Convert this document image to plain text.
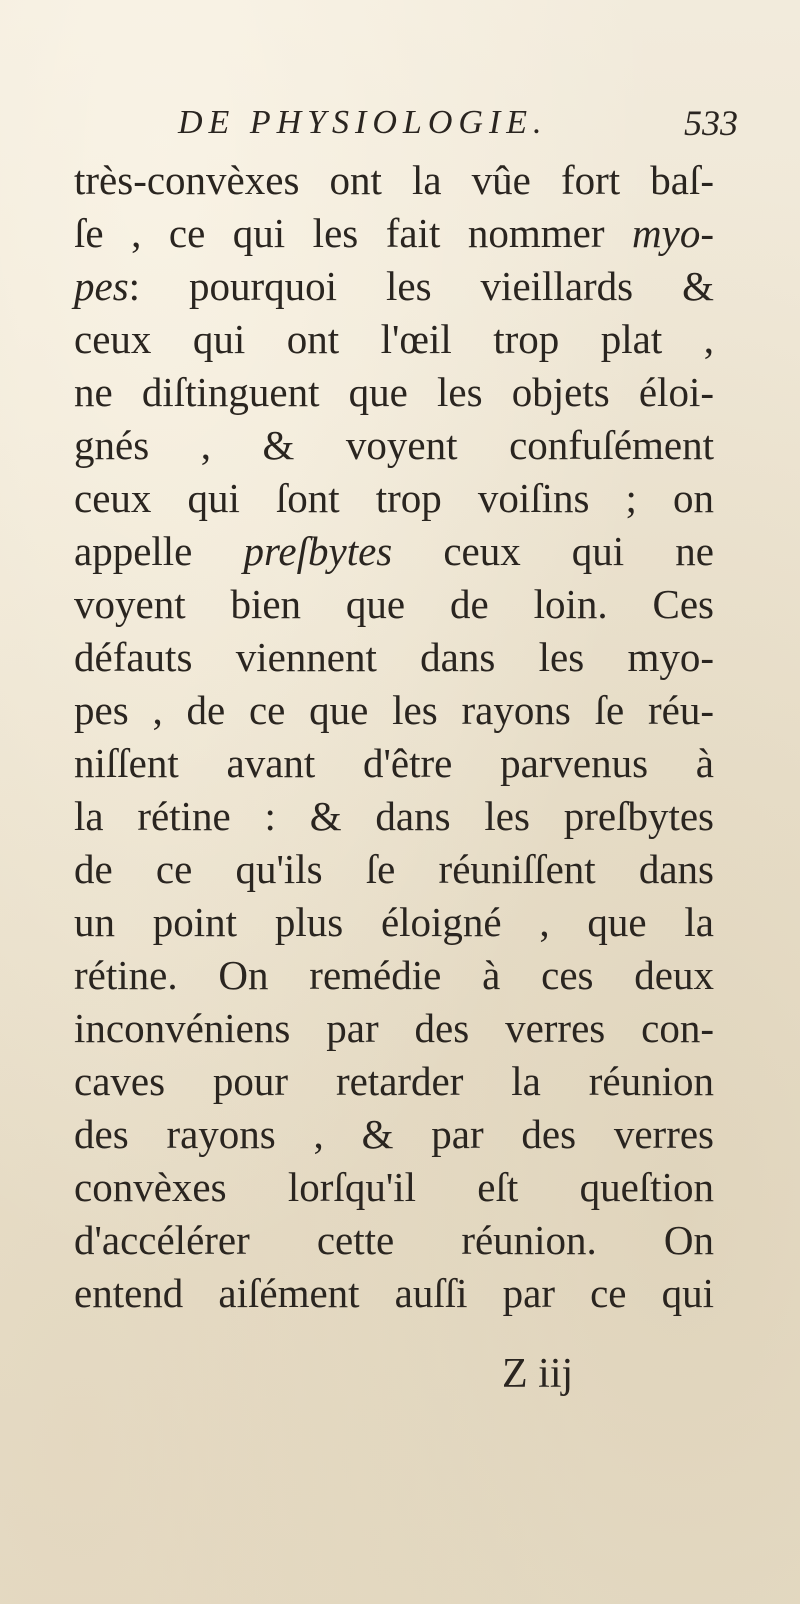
DE PHYSIOLOGIE.	533
très-convèxes ont la vûe fort baſ-
ſe , ce qui les fait nommer myo-
pes: pourquoi les vieillards &
ceux qui ont l'œil trop plat ,
ne diſtinguent que les objets éloi-
gnés , & voyent confuſément
ceux qui ſont trop voiſins ; on
appelle preſbytes ceux qui ne
voyent bien que de loin. Ces
défauts viennent dans les myo-
pes , de ce que les rayons ſe réu-
niſſent avant d'être parvenus à
la rétine : & dans les preſbytes
de ce qu'ils ſe réuniſſent dans
un point plus éloigné , que la
rétine. On remédie à ces deux
inconvéniens par des verres con-
caves pour retarder la réunion
des rayons , & par des verres
convèxes lorſqu'il eſt queſtion
d'accélérer cette réunion. On
entend aiſément auſſi par ce qui
Z iij
